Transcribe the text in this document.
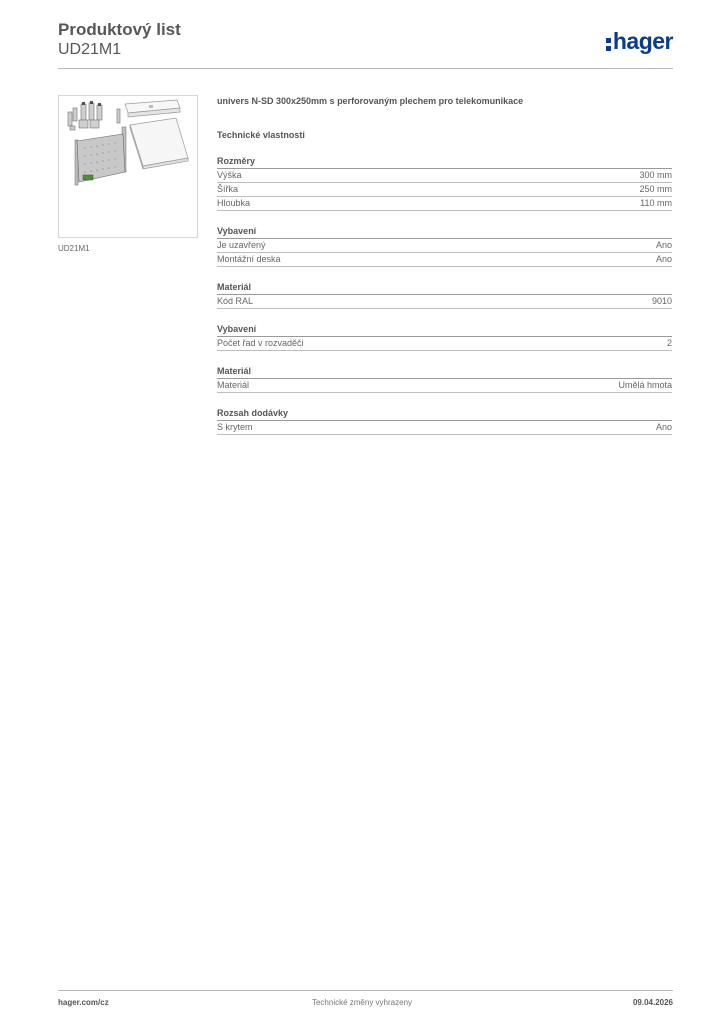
Produktový list
UD21M1	hager
UD21M1
univers N-SD 300x250mm s perforovaným plechem pro telekomunikace
Technické vlastnosti
Rozměry
Výška	300 mm
Šířka	250 mm
Hloubka	110 mm
Vybavení
Je uzavřený	Ano
Montážní deska	Ano
Materiál
Kód RAL	9010
Vybavení
Počet řad v rozvaděči	2
Materiál
Materiál	Umělá hmota
Rozsah dodávky
S krytem	Ano
hager.com/cz	Technické změny vyhrazeny	09.04.2026
